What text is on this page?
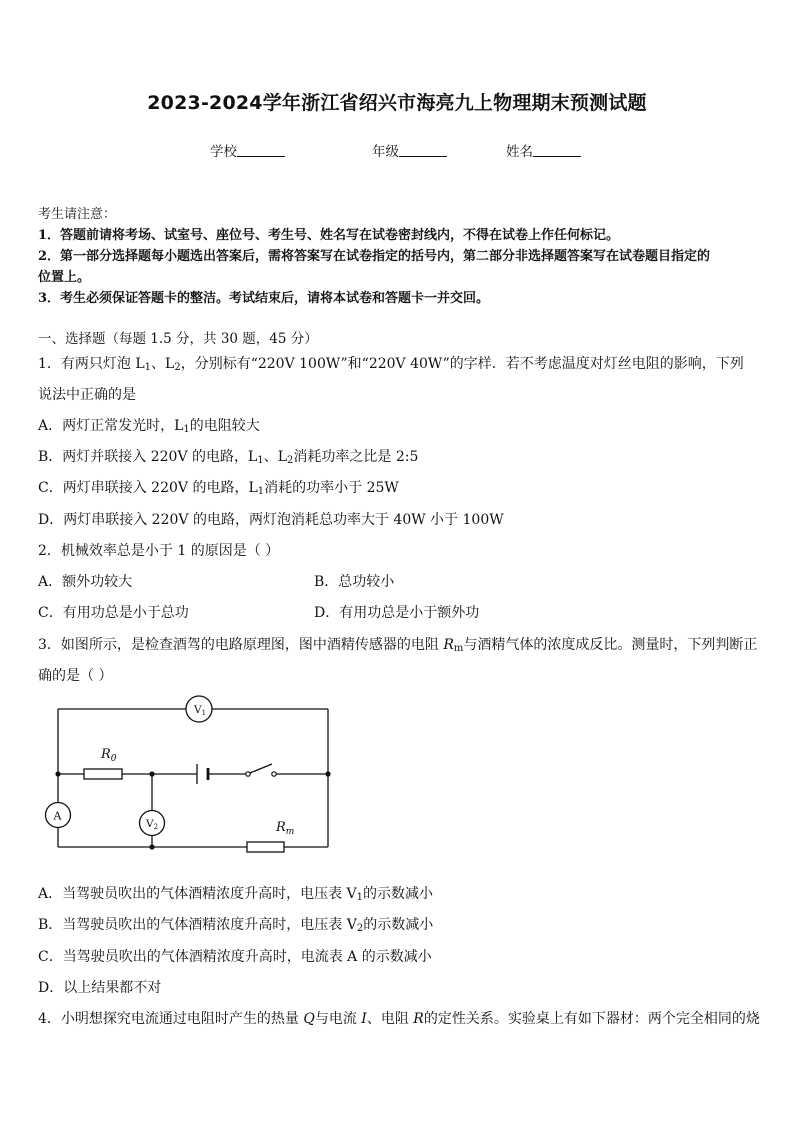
2023-2024学年浙江省绍兴市海亮九上物理期末预测试题
学校	年级	姓名
考生请注意：
1．答题前请将考场、试室号、座位号、考生号、姓名写在试卷密封线内，不得在试卷上作任何标记。
2．第一部分选择题每小题选出答案后，需将答案写在试卷指定的括号内，第二部分非选择题答案写在试卷题目指定的
位置上。
3．考生必须保证答题卡的整洁。考试结束后，请将本试卷和答题卡一并交回。
一、选择题（每题 1.5 分，共 30 题，45 分）
1．有两只灯泡 $L_1$、$L_2$，分别标有“220V 100W”和“220V 40W”的字样．若不考虑温度对灯丝电阻的影响，下列
说法中正确的是
A．两灯正常发光时，$L_1$的电阻较大
B．两灯并联接入 220V 的电路，$L_1$、$L_2$消耗功率之比是 2:5
C．两灯串联接入 220V 的电路，$L_1$消耗的功率小于 25W
D．两灯串联接入 220V 的电路，两灯泡消耗总功率大于 40W 小于 100W
2．机械效率总是小于 1 的原因是（ ）
A．额外功较大	B．总功较小
C．有用功总是小于总功	D．有用功总是小于额外功
3．如图所示，是检查酒驾的电路原理图，图中酒精传感器的电阻 $R_m$与酒精气体的浓度成反比。测量时，下列判断正
确的是（ ）
V1
$R_0$
A
V2	$R_m$
A．当驾驶员吹出的气体酒精浓度升高时，电压表 $V_1$的示数减小
B．当驾驶员吹出的气体酒精浓度升高时，电压表 $V_2$的示数减小
C．当驾驶员吹出的气体酒精浓度升高时，电流表 A 的示数减小
D．以上结果都不对
4．小明想探究电流通过电阻时产生的热量 Q与电流 I、电阻 R的定性关系。实验桌上有如下器材：两个完全相同的烧
